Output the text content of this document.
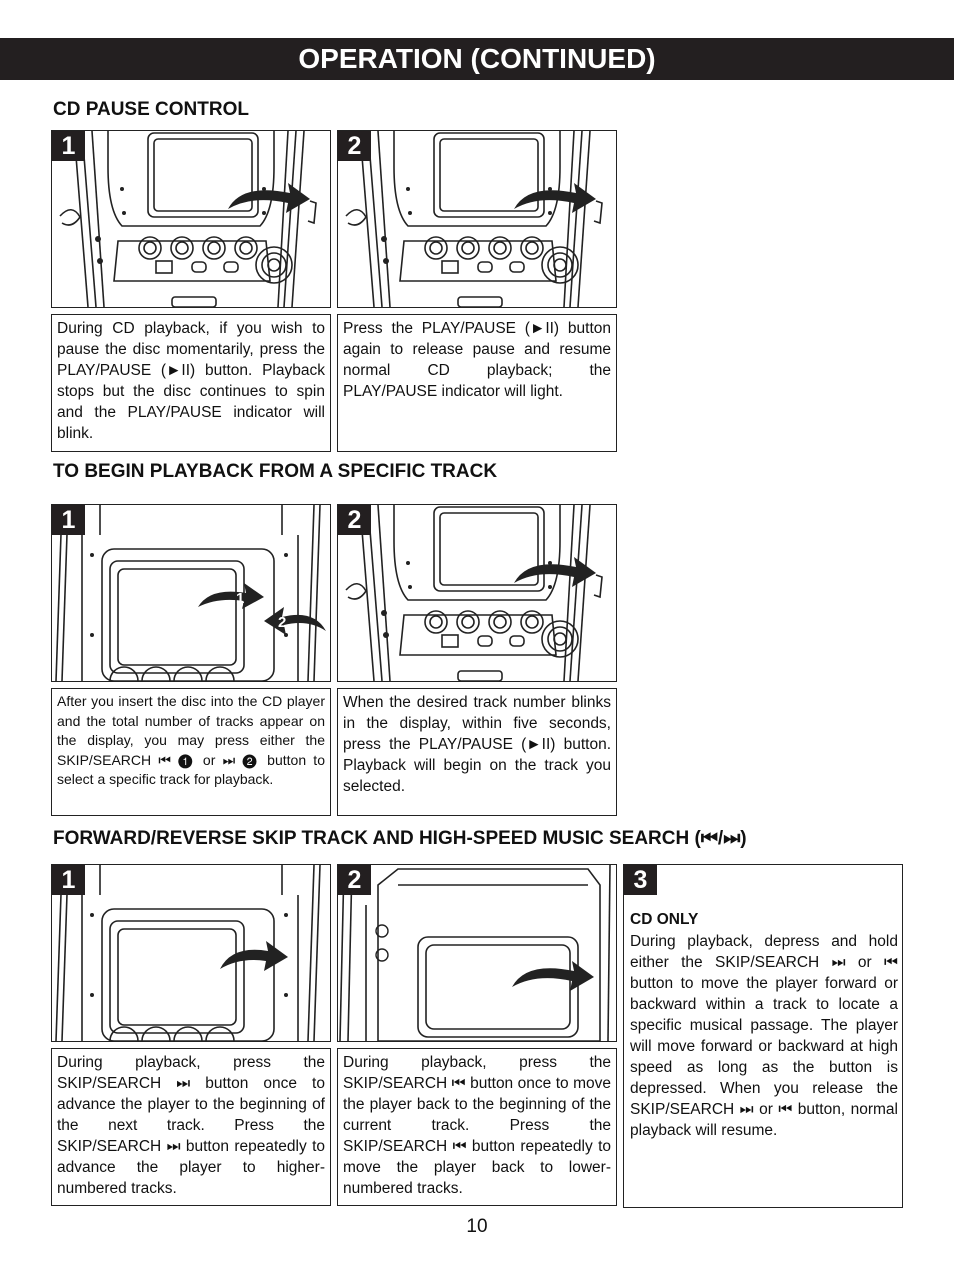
OPERATION (CONTINUED)
CD PAUSE CONTROL
1	2
During CD playback, if you wish to pause the disc momentarily, press the PLAY/PAUSE (►II) button. Playback stops but the disc continues to spin and the PLAY/PAUSE indicator will blink.
Press the PLAY/PAUSE (►II) button again to release pause and resume normal CD playback; the PLAY/PAUSE indicator will light.
TO BEGIN PLAYBACK FROM A SPECIFIC TRACK
1
1
2
2
After you insert the disc into the CD player and the total number of tracks appear on the display, you may press either the SKIP/SEARCH ⏮ ❶ or ⏭ ❷ button to select a specific track for playback.
When the desired track number blinks in the display, within five seconds, press the PLAY/PAUSE (►II) button. Playback will begin on the track you selected.
FORWARD/REVERSE SKIP TRACK AND HIGH-SPEED MUSIC SEARCH (⏮/⏭)
1	2	3
CD ONLY
During playback, depress and hold either the SKIP/SEARCH ⏭ or ⏮ button to move the player forward or backward within a track to locate a specific musical passage. The player will move forward or backward at high speed as long as the button is depressed. When you release the SKIP/SEARCH ⏭ or ⏮ button, normal playback will resume.
During playback, press the SKIP/SEARCH ⏭ button once to advance the player to the beginning of the next track. Press the SKIP/SEARCH ⏭ button repeatedly to advance the player to higher-numbered tracks.
During playback, press the SKIP/SEARCH ⏮ button once to move the player back to the beginning of the current track. Press the SKIP/SEARCH ⏮ button repeatedly to move the player back to lower-numbered tracks.
10
